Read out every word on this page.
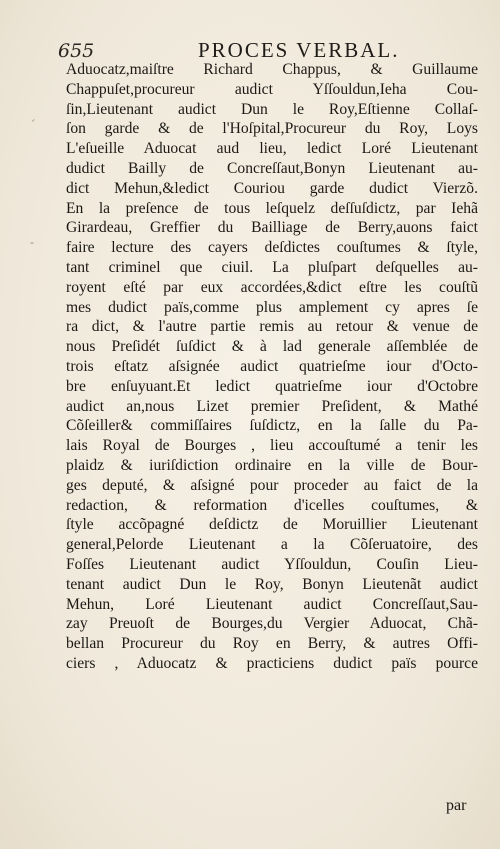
655	PROCES VERBAL.
´
-
Aduocatz,maiſtre Richard Chappus, & Guillaume
Chappuſet,procureur audict Yſſouldun,Ieha Cou-
ſin,Lieutenant audict Dun le Roy,Eſtienne Collaſ-
ſon garde & de l'Hoſpital,Procureur du Roy, Loys
L'eſueille Aduocat aud lieu, ledict Loré Lieutenant
dudict Bailly de Concreſſaut,Bonyn Lieutenant au-
dict Mehun,&ledict Couriou garde dudict Vierzõ.
En la preſence de tous leſquelz deſſuſdictz, par Iehã
Girardeau, Greffier du Bailliage de Berry,auons faict
faire lecture des cayers deſdictes couſtumes & ſtyle,
tant criminel que ciuil. La pluſpart deſquelles au-
royent eſté par eux accordées,&dict eſtre les couſtũ
mes dudict païs,comme plus amplement cy apres ſe
ra dict, & l'autre partie remis au retour & venue de
nous Preſidét ſuſdict & à lad generale aſſemblée de
trois eſtatz aſsignée audict quatrieſme iour d'Octo-
bre enſuyuant.Et ledict quatrieſme iour d'Octobre
audict an,nous Lizet premier Preſident, & Mathé
Cõſeiller& commiſſaires ſuſdictz, en la ſalle du Pa-
lais Royal de Bourges , lieu accouſtumé a tenir les
plaidz & iuriſdiction ordinaire en la ville de Bour-
ges deputé, & aſsigné pour proceder au faict de la
redaction, & reformation d'icelles couſtumes, &
ſtyle accõpagné deſdictz de Moruillier Lieutenant
general,Pelorde Lieutenant a la Cõſeruatoire, des
Foſſes Lieutenant audict Yſſouldun, Couſin Lieu-
tenant audict Dun le Roy, Bonyn Lieutenãt audict
Mehun, Loré Lieutenant audict Concreſſaut,Sau-
zay Preuoſt de Bourges,du Vergier Aduocat, Chã-
bellan Procureur du Roy en Berry, & autres Offi-
ciers , Aduocatz & practiciens dudict païs pource
par
